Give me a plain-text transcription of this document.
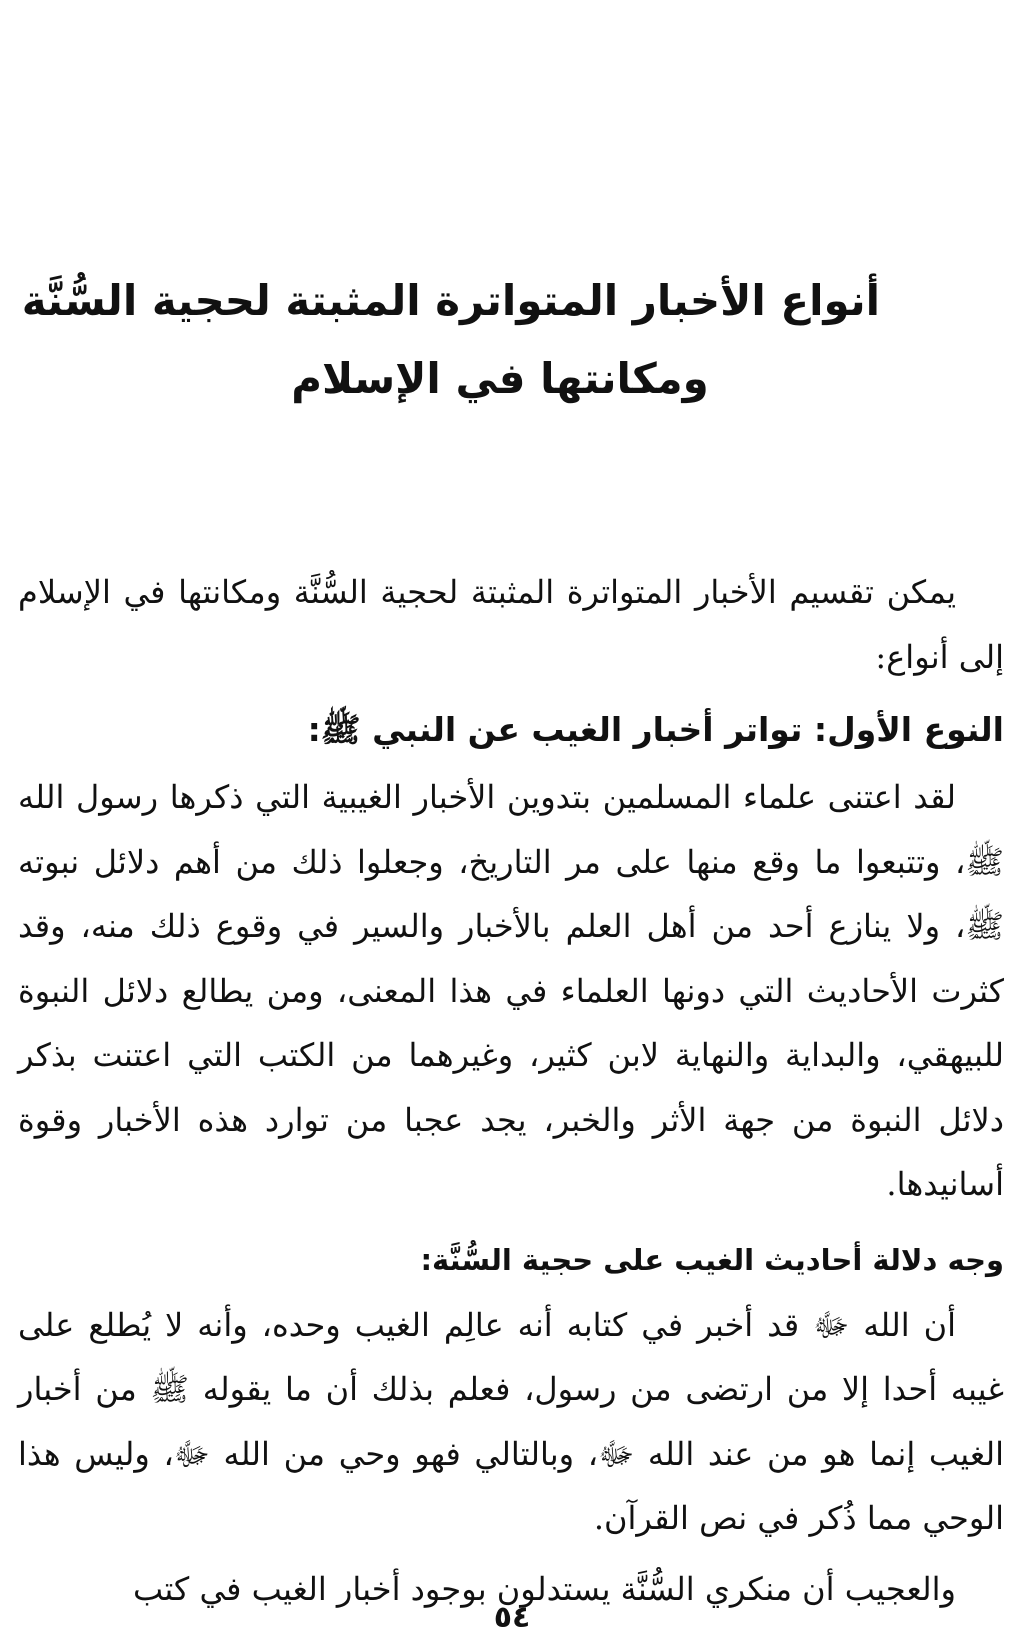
أنواع الأخبار المتواترة المثبتة لحجية السُّنَّة
ومكانتها في الإسلام

يمكن تقسيم الأخبار المتواترة المثبتة لحجية السُّنَّة ومكانتها في الإسلام إلى أنواع:

النوع الأول: تواتر أخبار الغيب عن النبي ﷺ:

لقد اعتنى علماء المسلمين بتدوين الأخبار الغيبية التي ذكرها رسول الله ﷺ، وتتبعوا ما وقع منها على مر التاريخ، وجعلوا ذلك من أهم دلائل نبوته ﷺ، ولا ينازع أحد من أهل العلم بالأخبار والسير في وقوع ذلك منه، وقد كثرت الأحاديث التي دونها العلماء في هذا المعنى، ومن يطالع دلائل النبوة للبيهقي، والبداية والنهاية لابن كثير، وغيرهما من الكتب التي اعتنت بذكر دلائل النبوة من جهة الأثر والخبر، يجد عجبا من توارد هذه الأخبار وقوة أسانيدها.

وجه دلالة أحاديث الغيب على حجية السُّنَّة:

أن الله ﷻ قد أخبر في كتابه أنه عالِم الغيب وحده، وأنه لا يُطلع على غيبه أحدا إلا من ارتضى من رسول، فعلم بذلك أن ما يقوله ﷺ من أخبار الغيب إنما هو من عند الله ﷻ، وبالتالي فهو وحي من الله ﷻ، وليس هذا الوحي مما ذُكر في نص القرآن.

والعجيب أن منكري السُّنَّة يستدلون بوجود أخبار الغيب في كتب

٥٤
